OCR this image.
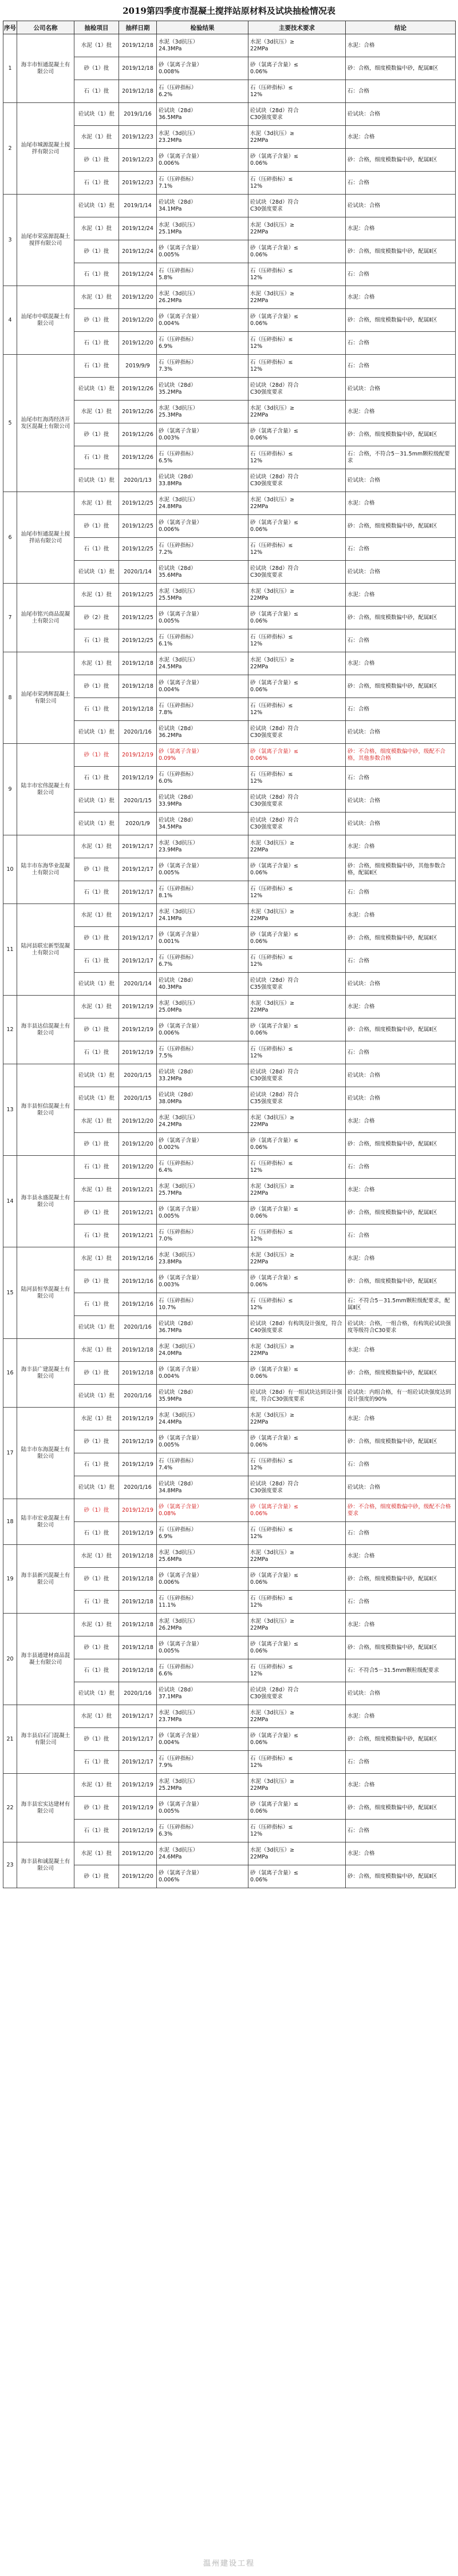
2019第四季度市混凝土搅拌站原材料及试块抽检情况表
序号	公司名称	抽检项目	抽样日期	检验结果	主要技术要求	结论
1	海丰市恒通混凝土有限公司	水泥（1）批	2019/12/18	水泥（3d抗压）
24.3MPa	水泥（3d抗压）≥
22MPa	水泥：合格
		砂（1）批	2019/12/18	砂（氯离子含量）
0.008%	砂（氯离子含量）≤
0.06%	砂：合格，细度模数偏中砂，配属Ⅲ区
		石（1）批	2019/12/18	石（压碎指标）
6.2%	石（压碎指标）≤
12%	石：合格
2	汕尾市城源混凝土搅拌有限公司	砼试块（1）批	2019/1/16	砼试块（28d）
36.5MPa	砼试块（28d）符合
C30强度要求	砼试块：合格
		水泥（1）批	2019/12/23	水泥（3d抗压）
23.2MPa	水泥（3d抗压）≥
22MPa	水泥：合格
		砂（1）批	2019/12/23	砂（氯离子含量）
0.006%	砂（氯离子含量）≤
0.06%	砂：合格，细度模数偏中砂，配属Ⅱ区
		石（1）批	2019/12/23	石（压碎指标）
7.1%	石（压碎指标）≤
12%	石：合格
3	汕尾市荣富源混凝土搅拌有限公司	砼试块（1）批	2019/1/14	砼试块（28d）
34.1MPa	砼试块（28d）符合
C30强度要求	砼试块：合格
		水泥（1）批	2019/12/24	水泥（3d抗压）
25.1MPa	水泥（3d抗压）≥
22MPa	水泥：合格
		砂（1）批	2019/12/24	砂（氯离子含量）
0.005%	砂（氯离子含量）≤
0.06%	砂：合格，细度模数偏中砂，配属Ⅱ区
		石（1）批	2019/12/24	石（压碎指标）
5.8%	石（压碎指标）≤
12%	石：合格
4	汕尾市中联混凝土有限公司	水泥（1）批	2019/12/20	水泥（3d抗压）
26.2MPa	水泥（3d抗压）≥
22MPa	水泥：合格
		砂（1）批	2019/12/20	砂（氯离子含量）
0.004%	砂（氯离子含量）≤
0.06%	砂：合格，细度模数偏中砂，配属Ⅱ区
		石（1）批	2019/12/20	石（压碎指标）
6.9%	石（压碎指标）≤
12%	石：合格
5	汕尾市红海湾经济开发区混凝土有限公司	石（1）批	2019/9/9	石（压碎指标）
7.3%	石（压碎指标）≤
12%	石：合格
		砼试块（1）批	2019/12/26	砼试块（28d）
35.2MPa	砼试块（28d）符合
C30强度要求	砼试块：合格
		水泥（1）批	2019/12/26	水泥（3d抗压）
25.3MPa	水泥（3d抗压）≥
22MPa	水泥：合格
		砂（1）批	2019/12/26	砂（氯离子含量）
0.003%	砂（氯离子含量）≤
0.06%	砂：合格，细度模数偏中砂，配属Ⅱ区
		石（1）批	2019/12/26	石（压碎指标）
6.5%	石（压碎指标）≤
12%	石：合格，不符合5－31.5mm颗粒级配要求
		砼试块（1）批	2020/1/13	砼试块（28d）
33.8MPa	砼试块（28d）符合
C30强度要求	砼试块：合格
6	汕尾市恒通混凝土搅拌站有限公司	水泥（1）批	2019/12/25	水泥（3d抗压）
24.8MPa	水泥（3d抗压）≥
22MPa	水泥：合格
		砂（1）批	2019/12/25	砂（氯离子含量）
0.006%	砂（氯离子含量）≤
0.06%	砂：合格，细度模数偏中砂，配属Ⅱ区
		石（1）批	2019/12/25	石（压碎指标）
7.2%	石（压碎指标）≤
12%	石：合格
		砼试块（1）批	2020/1/14	砼试块（28d）
35.6MPa	砼试块（28d）符合
C30强度要求	砼试块：合格
7	汕尾市铭兴商品混凝土有限公司	水泥（1）批	2019/12/25	水泥（3d抗压）
25.5MPa	水泥（3d抗压）≥
22MPa	水泥：合格
		砂（2）批	2019/12/25	砂（氯离子含量）
0.005%	砂（氯离子含量）≤
0.06%	砂：合格，细度模数偏中砂，配属Ⅱ区
		石（1）批	2019/12/25	石（压碎指标）
6.1%	石（压碎指标）≤
12%	石：合格
8	汕尾市荣鸿辉混凝土有限公司	水泥（1）批	2019/12/18	水泥（3d抗压）
24.5MPa	水泥（3d抗压）≥
22MPa	水泥：合格
		砂（1）批	2019/12/18	砂（氯离子含量）
0.004%	砂（氯离子含量）≤
0.06%	砂：合格，细度模数偏中砂，配属Ⅱ区
		石（1）批	2019/12/18	石（压碎指标）
7.8%	石（压碎指标）≤
12%	石：合格
		砼试块（1）批	2020/1/16	砼试块（28d）
36.2MPa	砼试块（28d）符合
C30强度要求	砼试块：合格
9	陆丰市宏伟混凝土有限公司	砂（1）批	2019/12/19	砂（氯离子含量）
0.09%	砂（氯离子含量）≤
0.06%	砂：不合格，细度模数偏中砂，级配不合格，其他参数合格
		石（1）批	2019/12/19	石（压碎指标）
6.0%	石（压碎指标）≤
12%	石：合格
		砼试块（1）批	2020/1/15	砼试块（28d）
33.9MPa	砼试块（28d）符合
C30强度要求	砼试块：合格
		砼试块（1）批	2020/1/9	砼试块（28d）
34.5MPa	砼试块（28d）符合
C30强度要求	砼试块：合格
10	陆丰市东海华业混凝土有限公司	水泥（1）批	2019/12/17	水泥（3d抗压）
23.9MPa	水泥（3d抗压）≥
22MPa	水泥：合格
		砂（1）批	2019/12/17	砂（氯离子含量）
0.005%	砂（氯离子含量）≤
0.06%	砂：合格，细度模数偏中砂，其他参数合格，配属Ⅱ区
		石（1）批	2019/12/17	石（压碎指标）
8.1%	石（压碎指标）≤
12%	石：合格
11	陆河县联宏新型混凝土有限公司	水泥（1）批	2019/12/17	水泥（3d抗压）
24.1MPa	水泥（3d抗压）≥
22MPa	水泥：合格
		砂（1）批	2019/12/17	砂（氯离子含量）
0.001%	砂（氯离子含量）≤
0.06%	砂：合格，细度模数偏中砂，配属Ⅱ区
		石（1）批	2019/12/17	石（压碎指标）
6.7%	石（压碎指标）≤
12%	石：合格
		砼试块（1）批	2020/1/14	砼试块（28d）
40.3MPa	砼试块（28d）符合
C35强度要求	砼试块：合格
12	海丰县达信混凝土有限公司	水泥（1）批	2019/12/19	水泥（3d抗压）
25.0MPa	水泥（3d抗压）≥
22MPa	水泥：合格
		砂（1）批	2019/12/19	砂（氯离子含量）
0.006%	砂（氯离子含量）≤
0.06%	砂：合格，细度模数偏中砂，配属Ⅱ区
		石（1）批	2019/12/19	石（压碎指标）
7.5%	石（压碎指标）≤
12%	石：合格
13	海丰县恒信混凝土有限公司	砼试块（1）批	2020/1/15	砼试块（28d）
33.2MPa	砼试块（28d）符合
C30强度要求	砼试块：合格
		砼试块（1）批	2020/1/15	砼试块（28d）
38.0MPa	砼试块（28d）符合
C35强度要求	砼试块：合格
		水泥（1）批	2019/12/20	水泥（3d抗压）
24.2MPa	水泥（3d抗压）≥
22MPa	水泥：合格
		砂（1）批	2019/12/20	砂（氯离子含量）
0.002%	砂（氯离子含量）≤
0.06%	砂：合格，细度模数偏中砂，配属Ⅱ区
14	海丰县永盛混凝土有限公司	石（1）批	2019/12/20	石（压碎指标）
6.4%	石（压碎指标）≤
12%	石：合格
		水泥（1）批	2019/12/21	水泥（3d抗压）
25.7MPa	水泥（3d抗压）≥
22MPa	水泥：合格
		砂（1）批	2019/12/21	砂（氯离子含量）
0.005%	砂（氯离子含量）≤
0.06%	砂：合格，细度模数偏中砂，配属Ⅱ区
		石（1）批	2019/12/21	石（压碎指标）
7.0%	石（压碎指标）≤
12%	石：合格
15	陆河县恒华混凝土有限公司	水泥（1）批	2019/12/16	水泥（3d抗压）
23.8MPa	水泥（3d抗压）≥
22MPa	水泥：合格
		砂（1）批	2019/12/16	砂（氯离子含量）
0.003%	砂（氯离子含量）≤
0.06%	砂：合格，细度模数偏中砂，配属Ⅱ区
		石（1）批	2019/12/16	石（压碎指标）
10.7%	石（压碎指标）≤
12%	石：不符合5－31.5mm颗粒级配要求，配属Ⅱ区
		砼试块（1）批	2020/1/16	砼试块（28d）
36.7MPa	砼试块（28d）有构筑设计强度，符合C40强度要求	砼试块：合格，一组合格，有构筑砼试块强度等级符合C30要求
16	海丰县广建混凝土有限公司	水泥（1）批	2019/12/18	水泥（3d抗压）
24.0MPa	水泥（3d抗压）≥
22MPa	水泥：合格
		砂（1）批	2019/12/18	砂（氯离子含量）
0.004%	砂（氯离子含量）≤
0.06%	砂：合格，细度模数偏中砂，配属Ⅱ区
		砼试块（1）批	2020/1/16	砼试块（28d）
35.9MPa	砼试块（28d）有一组试块达到设计强度，符合C30强度要求	砼试块：内组合格，有一组砼试块强度达到设计强度的90%
17	陆丰市东海混凝土有限公司	水泥（1）批	2019/12/19	水泥（3d抗压）
24.4MPa	水泥（3d抗压）≥
22MPa	水泥：合格
		砂（1）批	2019/12/19	砂（氯离子含量）
0.005%	砂（氯离子含量）≤
0.06%	砂：合格，细度模数偏中砂，配属Ⅱ区
		石（1）批	2019/12/19	石（压碎指标）
7.4%	石（压碎指标）≤
12%	石：合格
		砼试块（1）批	2020/1/16	砼试块（28d）
34.8MPa	砼试块（28d）符合
C30强度要求	砼试块：合格
18	陆丰市宏业混凝土有限公司	砂（1）批	2019/12/19	砂（氯离子含量）
0.08%	砂（氯离子含量）≤
0.06%	砂：不合格，细度模数偏中砂，级配不合格要求
		石（1）批	2019/12/19	石（压碎指标）
6.9%	石（压碎指标）≤
12%	石：合格
19	海丰县新兴混凝土有限公司	水泥（1）批	2019/12/18	水泥（3d抗压）
25.6MPa	水泥（3d抗压）≥
22MPa	水泥：合格
		砂（1）批	2019/12/18	砂（氯离子含量）
0.006%	砂（氯离子含量）≤
0.06%	砂：合格，细度模数偏中砂，配属Ⅱ区
		石（1）批	2019/12/18	石（压碎指标）
11.1%	石（压碎指标）≤
12%	石：合格
20	海丰县通建材商品混凝土有限公司	水泥（1）批	2019/12/18	水泥（3d抗压）
26.2MPa	水泥（3d抗压）≥
22MPa	水泥：合格
		砂（1）批	2019/12/18	砂（氯离子含量）
0.005%	砂（氯离子含量）≤
0.06%	砂：合格，细度模数偏中砂，配属Ⅱ区
		石（1）批	2019/12/18	石（压碎指标）
6.6%	石（压碎指标）≤
12%	石：不符合5－31.5mm颗粒级配要求
		砼试块（1）批	2020/1/16	砼试块（28d）
37.1MPa	砼试块（28d）符合
C30强度要求	砼试块：合格
21	海丰县启石门混凝土有限公司	水泥（1）批	2019/12/17	水泥（3d抗压）
23.7MPa	水泥（3d抗压）≥
22MPa	水泥：合格
		砂（1）批	2019/12/17	砂（氯离子含量）
0.004%	砂（氯离子含量）≤
0.06%	砂：合格，细度模数偏中砂，配属Ⅱ区
		石（1）批	2019/12/17	石（压碎指标）
7.9%	石（压碎指标）≤
12%	石：合格
22	海丰县宏实达建材有限公司	水泥（1）批	2019/12/19	水泥（3d抗压）
25.2MPa	水泥（3d抗压）≥
22MPa	水泥：合格
		砂（1）批	2019/12/19	砂（氯离子含量）
0.005%	砂（氯离子含量）≤
0.06%	砂：合格，细度模数偏中砂，配属Ⅱ区
		石（1）批	2019/12/19	石（压碎指标）
6.3%	石（压碎指标）≤
12%	石：合格
23	海丰县和诚混凝土有限公司	水泥（1）批	2019/12/20	水泥（3d抗压）
24.6MPa	水泥（3d抗压）≥
22MPa	水泥：合格
		砂（1）批	2019/12/20	砂（氯离子含量）
0.006%	砂（氯离子含量）≤
0.06%	砂：合格，细度模数偏中砂，配属Ⅱ区
温州建设工程
